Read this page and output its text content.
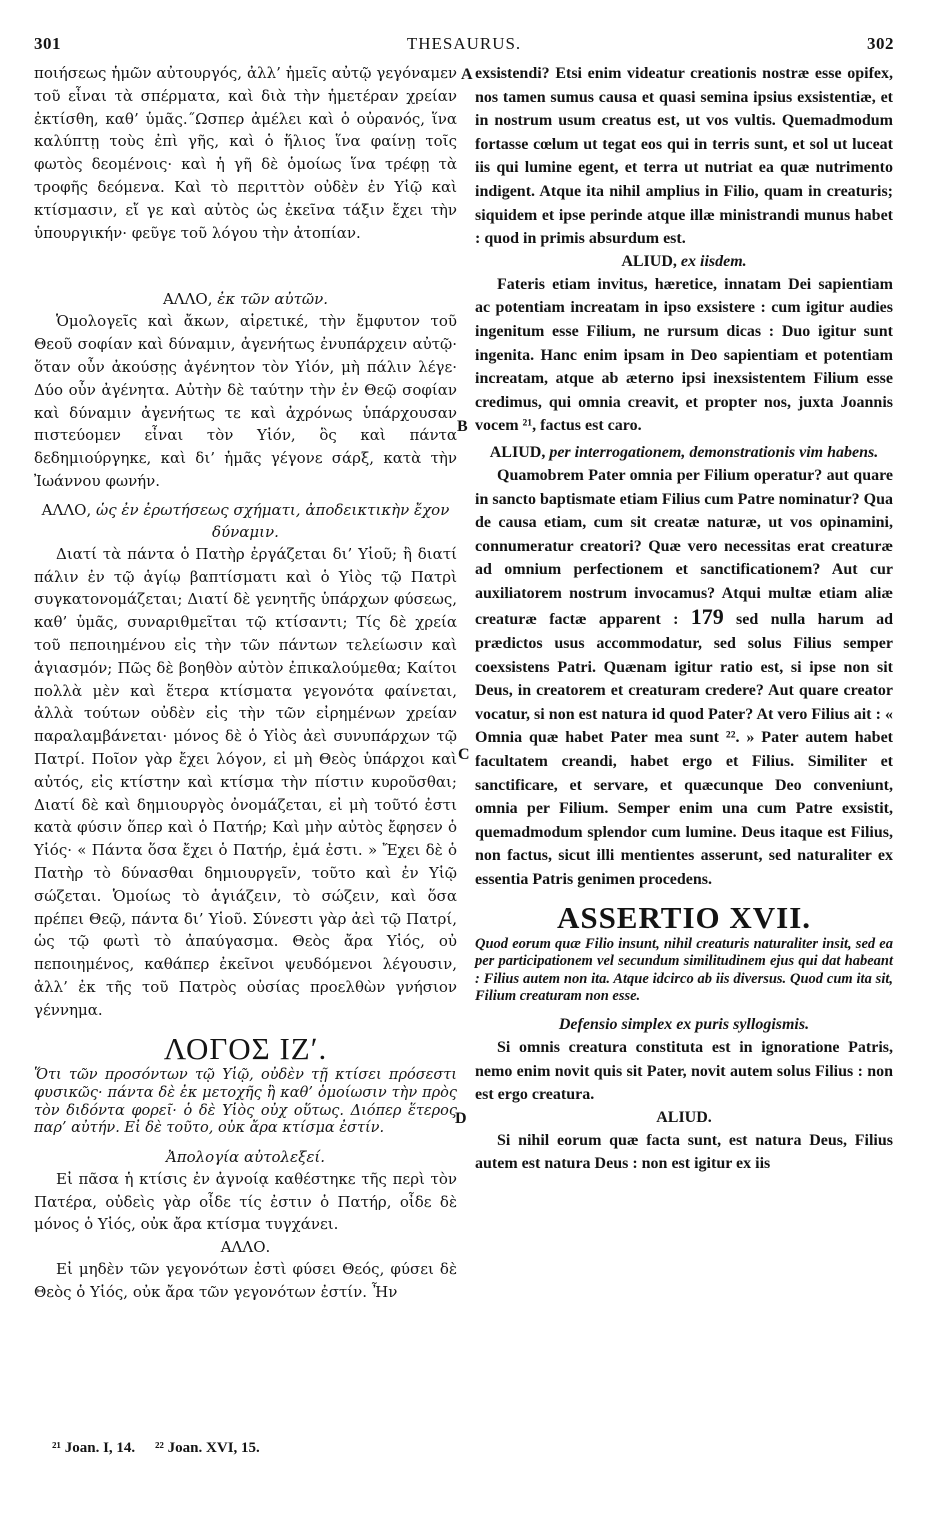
301	THESAURUS.	302
A
B
C
D

ποιήσεως ἡμῶν αὐτουργός, ἀλλ’ ἡμεῖς αὐτῷ γεγόναμεν τοῦ εἶναι τὰ σπέρματα, καὶ διὰ τὴν ἡμετέραν χρείαν ἐκτίσθη, καθ’ ὑμᾶς.˝Ωσπερ ἀμέλει καὶ ὁ οὐρανός, ἵνα καλύπτῃ τοὺς ἐπὶ γῆς, καὶ ὁ ἥλιος ἵνα φαίνῃ τοῖς φωτὸς δεομένοις· καὶ ἡ γῆ δὲ ὁμοίως ἵνα τρέφῃ τὰ τροφῆς δεόμενα. Καὶ τὸ περιττὸν οὐδὲν ἐν Υἱῷ καὶ κτίσμασιν, εἴ γε καὶ αὐτὸς ὡς ἐκεῖνα τάξιν ἔχει τὴν ὑπουργικήν· φεῦγε τοῦ λόγου τὴν ἀτοπίαν.

ΑΛΛΟ, ἐκ τῶν αὐτῶν.

Ὁμολογεῖς καὶ ἄκων, αἱρετικέ, τὴν ἔμφυτον τοῦ Θεοῦ σοφίαν καὶ δύναμιν, ἀγενήτως ἐνυπάρχειν αὐτῷ· ὅταν οὖν ἀκούσῃς ἀγένητον τὸν Υἱόν, μὴ πάλιν λέγε· Δύο οὖν ἀγένητα. Αὐτὴν δὲ ταύτην τὴν ἐν Θεῷ σοφίαν καὶ δύναμιν ἀγενήτως τε καὶ ἀχρόνως ὑπάρχουσαν πιστεύομεν εἶναι τὸν Υἱόν, ὃς καὶ πάντα δεδημιούργηκε, καὶ δι’ ἡμᾶς γέγονε σάρξ, κατὰ τὴν Ἰωάννου φωνήν.

ΑΛΛΟ, ὡς ἐν ἐρωτήσεως σχήματι, ἀποδεικτικὴν ἔχον δύναμιν.

Διατί τὰ πάντα ὁ Πατὴρ ἐργάζεται δι’ Υἱοῦ; ἢ διατί πάλιν ἐν τῷ ἁγίῳ βαπτίσματι καὶ ὁ Υἱὸς τῷ Πατρὶ συγκατονομάζεται; Διατί δὲ γενητῆς ὑπάρχων φύσεως, καθ’ ὑμᾶς, συναριθμεῖται τῷ κτίσαντι; Τίς δὲ χρεία τοῦ πεποιημένου εἰς τὴν τῶν πάντων τελείωσιν καὶ ἁγιασμόν; Πῶς δὲ βοηθὸν αὐτὸν ἐπικαλούμεθα; Καίτοι πολλὰ μὲν καὶ ἕτερα κτίσματα γεγονότα φαίνεται, ἀλλὰ τούτων οὐδὲν εἰς τὴν τῶν εἰρημένων χρείαν παραλαμβάνεται· μόνος δὲ ὁ Υἱὸς ἀεὶ συνυπάρχων τῷ Πατρί. Ποῖον γὰρ ἔχει λόγον, εἰ μὴ Θεὸς ὑπάρχοι καὶ αὐτός, εἰς κτίστην καὶ κτίσμα τὴν πίστιν κυροῦσθαι; Διατί δὲ καὶ δημιουργὸς ὀνομάζεται, εἰ μὴ τοῦτό ἐστι κατὰ φύσιν ὅπερ καὶ ὁ Πατήρ; Καὶ μὴν αὐτὸς ἔφησεν ὁ Υἱός· « Πάντα ὅσα ἔχει ὁ Πατήρ, ἐμά ἐστι. » Ἔχει δὲ ὁ Πατὴρ τὸ δύνασθαι δημιουργεῖν, τοῦτο καὶ ἐν Υἱῷ σώζεται. Ὁμοίως τὸ ἁγιάζειν, τὸ σώζειν, καὶ ὅσα πρέπει Θεῷ, πάντα δι’ Υἱοῦ. Σύνεστι γὰρ ἀεὶ τῷ Πατρί, ὡς τῷ φωτὶ τὸ ἀπαύγασμα. Θεὸς ἄρα Υἱός, οὐ πεποιημένος, καθάπερ ἐκεῖνοι ψευδόμενοι λέγουσιν, ἀλλ’ ἐκ τῆς τοῦ Πατρὸς οὐσίας προελθὼν γνήσιον γέννημα.

ΛΟΓΟΣ ΙΖʹ.
Ὅτι τῶν προσόντων τῷ Υἱῷ, οὐδὲν τῇ κτίσει πρόσεστι φυσικῶς· πάντα δὲ ἐκ μετοχῆς ἢ καθ’ ὁμοίωσιν τὴν πρὸς τὸν διδόντα φορεῖ· ὁ δὲ Υἱὸς οὐχ οὕτως. Διόπερ ἕτερος παρ’ αὐτήν. Εἰ δὲ τοῦτο, οὐκ ἄρα κτίσμα ἐστίν.
Ἀπολογία αὐτολεξεί.

Εἰ πᾶσα ἡ κτίσις ἐν ἀγνοίᾳ καθέστηκε τῆς περὶ τὸν Πατέρα, οὐδεὶς γὰρ οἶδε τίς ἐστιν ὁ Πατήρ, οἶδε δὲ μόνος ὁ Υἱός, οὐκ ἄρα κτίσμα τυγχάνει.

ΑΛΛΟ.

Εἰ μηδὲν τῶν γεγονότων ἐστὶ φύσει Θεός, φύσει δὲ Θεὸς ὁ Υἱός, οὐκ ἄρα τῶν γεγονότων ἐστίν. Ἦν

exsistendi? Etsi enim videatur creationis nostræ esse opifex, nos tamen sumus causa et quasi semina ipsius exsistentiæ, et in nostrum usum creatus est, ut vos vultis. Quemadmodum fortasse cœlum ut tegat eos qui in terris sunt, et sol ut luceat iis qui lumine egent, et terra ut nutriat ea quæ nutrimento indigent. Atque ita nihil amplius in Filio, quam in creaturis; siquidem et ipse perinde atque illæ ministrandi munus habet : quod in primis absurdum est.

ALIUD, ex iisdem.

Fateris etiam invitus, hæretice, innatam Dei sapientiam ac potentiam increatam in ipso exsistere : cum igitur audies ingenitum esse Filium, ne rursum dicas : Duo igitur sunt ingenita. Hanc enim ipsam in Deo sapientiam et potentiam increatam, atque ab æterno ipsi inexsistentem Filium esse credimus, qui omnia creavit, et propter nos, juxta Joannis vocem ²¹, factus est caro.

ALIUD, per interrogationem, demonstrationis vim habens.

Quamobrem Pater omnia per Filium operatur? aut quare in sancto baptismate etiam Filius cum Patre nominatur? Qua de causa etiam, cum sit creatæ naturæ, ut vos opinamini, connumeratur creatori? Quæ vero necessitas erat creaturæ ad omnium perfectionem et sanctificationem? Aut cur auxiliatorem nostrum invocamus? Atqui multæ etiam aliæ creaturæ factæ apparent : 179 sed nulla harum ad prædictos usus accommodatur, sed solus Filius semper coexsistens Patri. Quænam igitur ratio est, si ipse non sit Deus, in creatorem et creaturam credere? Aut quare creator vocatur, si non est natura id quod Pater? At vero Filius ait : « Omnia quæ habet Pater mea sunt ²². » Pater autem habet facultatem creandi, habet ergo et Filius. Similiter et sanctificare, et servare, et quæcunque Deo conveniunt, omnia per Filium. Semper enim una cum Patre exsistit, quemadmodum splendor cum lumine. Deus itaque est Filius, non factus, sicut illi mentientes asserunt, sed naturaliter ex essentia Patris genimen procedens.

ASSERTIO XVII.
Quod eorum quæ Filio insunt, nihil creaturis naturaliter insit, sed ea per participationem vel secundum similitudinem ejus qui dat habeant : Filius autem non ita. Atque idcirco ab iis diversus. Quod cum ita sit, Filium creaturam non esse.
Defensio simplex ex puris syllogismis.

Si omnis creatura constituta est in ignoratione Patris, nemo enim novit quis sit Pater, novit autem solus Filius : non est ergo creatura.

ALIUD.

Si nihil eorum quæ facta sunt, est natura Deus, Filius autem est natura Deus : non est igitur ex iis

²¹ Joan. I, 14. ²² Joan. XVI, 15.
